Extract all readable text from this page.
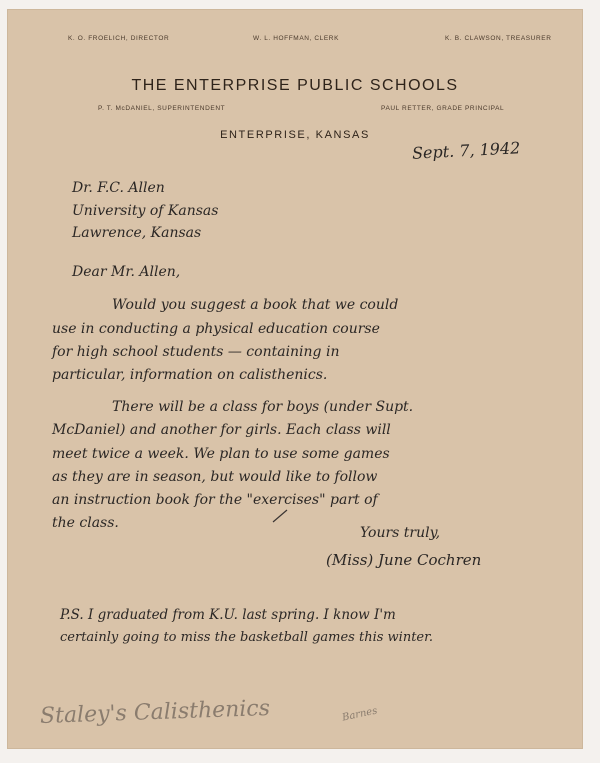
K. O. FROELICH, DIRECTOR	W. L. HOFFMAN, CLERK	K. B. CLAWSON, TREASURER
THE ENTERPRISE PUBLIC SCHOOLS
P. T. McDANIEL, SUPERINTENDENT	PAUL RETTER, GRADE PRINCIPAL
ENTERPRISE, KANSAS
Sept. 7, 1942
Dr. F.C. Allen
University of Kansas
Lawrence, Kansas
Dear Mr. Allen,
Would you suggest a book that we could
use in conducting a physical education course
for high school students — containing in
particular, information on calisthenics.
There will be a class for boys (under Supt.
McDaniel) and another for girls. Each class will
meet twice a week. We plan to use some games
as they are in season, but would like to follow
an instruction book for the "exercises" part of
the class.
Yours truly,
(Miss) June Cochren
P.S. I graduated from K.U. last spring. I know I'm
certainly going to miss the basketball games this winter.
Staley's Calisthenics	Barnes
